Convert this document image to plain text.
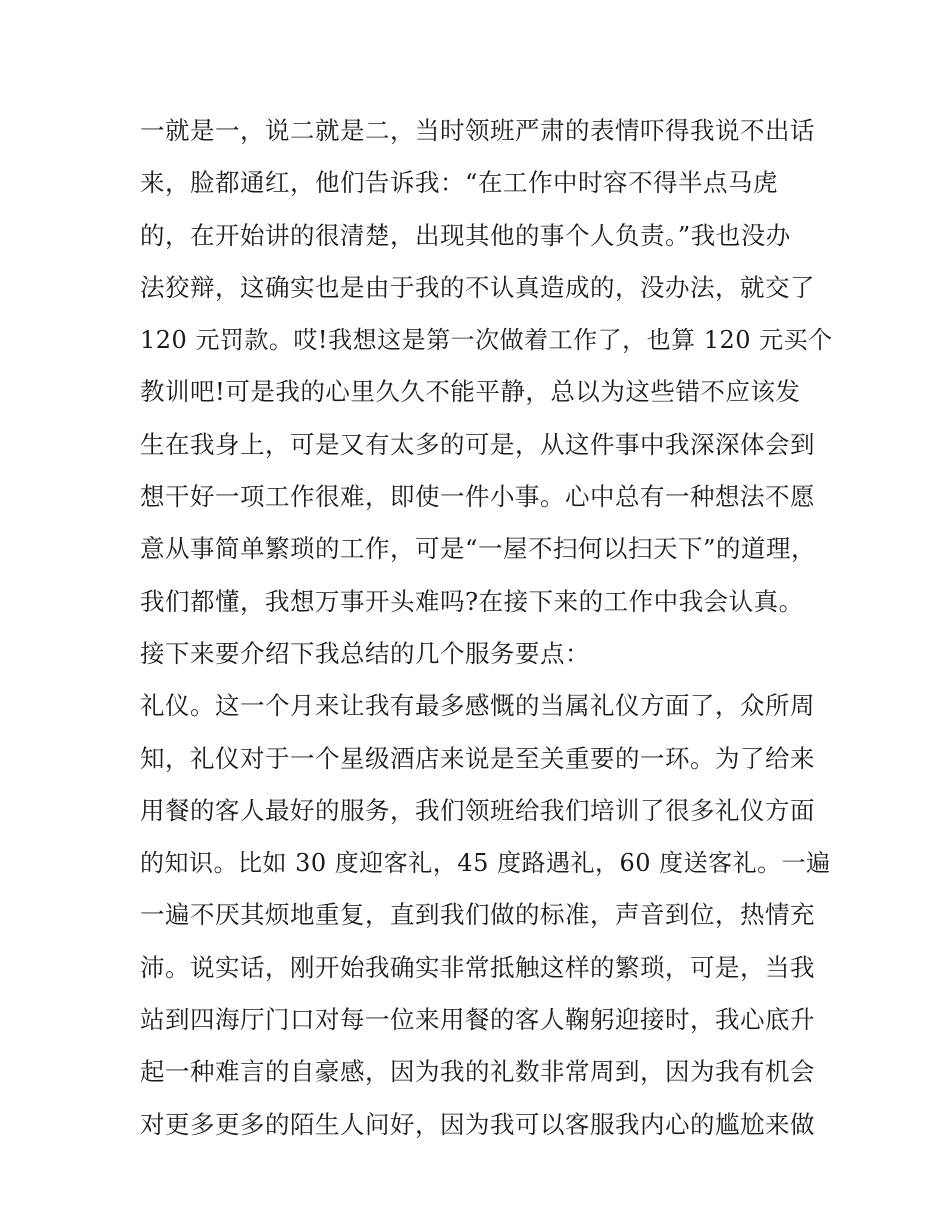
一就是一，说二就是二，当时领班严肃的表情吓得我说不出话
来，脸都通红，他们告诉我：“在工作中时容不得半点马虎
的，在开始讲的很清楚，出现其他的事个人负责。”我也没办
法狡辩，这确实也是由于我的不认真造成的，没办法，就交了
120 元罚款。哎!我想这是第一次做着工作了，也算 120 元买个
教训吧!可是我的心里久久不能平静，总以为这些错不应该发
生在我身上，可是又有太多的可是，从这件事中我深深体会到
想干好一项工作很难，即使一件小事。心中总有一种想法不愿
意从事简单繁琐的工作，可是“一屋不扫何以扫天下”的道理，
我们都懂，我想万事开头难吗?在接下来的工作中我会认真。
接下来要介绍下我总结的几个服务要点：
礼仪。这一个月来让我有最多感慨的当属礼仪方面了，众所周
知，礼仪对于一个星级酒店来说是至关重要的一环。为了给来
用餐的客人最好的服务，我们领班给我们培训了很多礼仪方面
的知识。比如 30 度迎客礼，45 度路遇礼，60 度送客礼。一遍
一遍不厌其烦地重复，直到我们做的标准，声音到位，热情充
沛。说实话，刚开始我确实非常抵触这样的繁琐，可是，当我
站到四海厅门口对每一位来用餐的客人鞠躬迎接时，我心底升
起一种难言的自豪感，因为我的礼数非常周到，因为我有机会
对更多更多的陌生人问好，因为我可以客服我内心的尴尬来做
